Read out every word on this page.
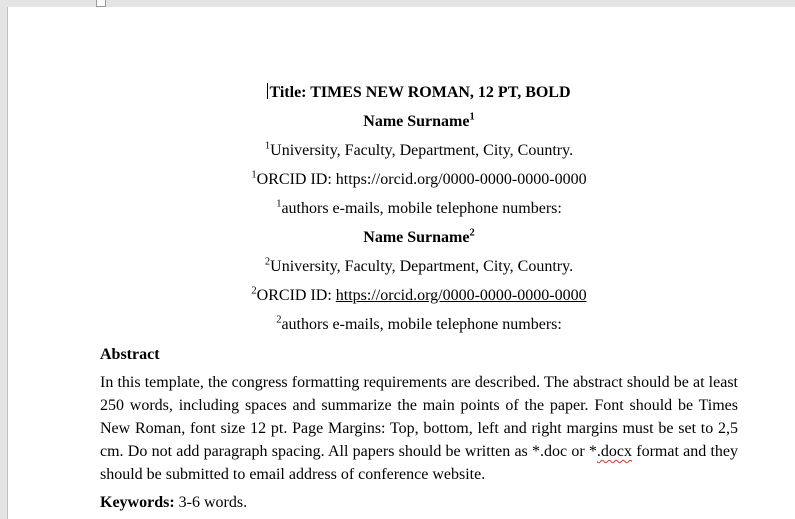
Title: TIMES NEW ROMAN, 12 PT, BOLD

Name Surname$^1$

$^1$University, Faculty, Department, City, Country.

$^1$ORCID ID: https://orcid.org/0000-0000-0000-0000

$^1$authors e-mails, mobile telephone numbers:

Name Surname$^2$

$^2$University, Faculty, Department, City, Country.

$^2$ORCID ID: https://orcid.org/0000-0000-0000-0000

$^2$authors e-mails, mobile telephone numbers:

Abstract

In this template, the congress formatting requirements are described. The abstract should be at least 250 words, including spaces and summarize the main points of the paper. Font should be Times New Roman, font size 12 pt. Page Margins: Top, bottom, left and right margins must be set to 2,5 cm. Do not add paragraph spacing. All papers should be written as *.doc or *.docx format and they should be submitted to email address of conference website.

Keywords: 3-6 words.
